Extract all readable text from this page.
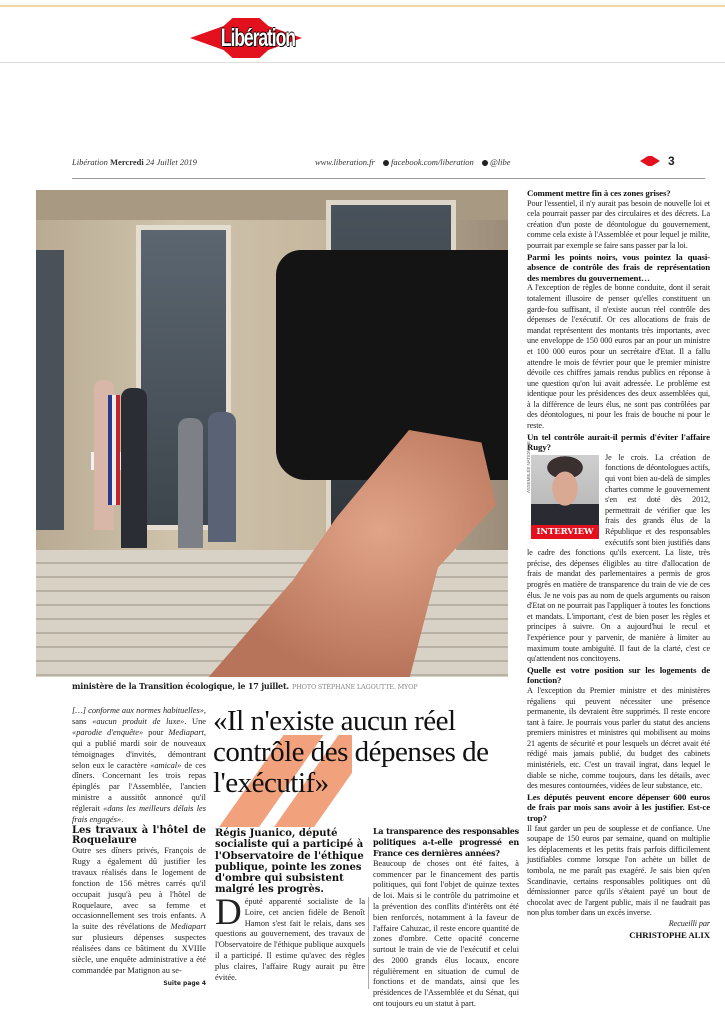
Libération
Libération Mercredi 24 Juillet 2019	www.liberation.fr facebook.com/liberation @libe	3
ministère de la Transition écologique, le 17 juillet. PHOTO STÉPHANE LAGOUTTE. MYOP

Comment mettre fin à ces zones grises?

Pour l'essentiel, il n'y aurait pas besoin de nouvelle loi et cela pourrait passer par des circulaires et des décrets. La création d'un poste de déontologue du gouvernement, comme cela existe à l'Assemblée et pour lequel je milite, pourrait par exemple se faire sans passer par la loi.

Parmi les points noirs, vous pointez la quasi-absence de contrôle des frais de représentation des membres du gouvernement…

A l'exception de règles de bonne conduite, dont il serait totalement illusoire de penser qu'elles constituent un garde-fou suffisant, il n'existe aucun réel contrôle des dépenses de l'exécutif. Or ces allocations de frais de mandat représentent des montants très importants, avec une enveloppe de 150 000 euros par an pour un ministre et 100 000 euros pour un secrétaire d'Etat. Il a fallu attendre le mois de février pour que le premier ministre dévoile ces chiffres jamais rendus publics en réponse à une question qu'on lui avait adressée. Le problème est identique pour les présidences des deux assemblées qui, à la différence de leurs élus, ne sont pas contrôlées par des déontologues, ni pour les frais de bouche ni pour le reste.

Un tel contrôle aurait-il permis d'éviter l'affaire Rugy?

INTERVIEW
ASSEMBLÉE NATIONALE	Je le crois. La création de fonctions de déontologues actifs, qui vont bien au-delà de simples chartes comme le gouvernement s'en est doté dès 2012, permettrait de vérifier que les frais des grands élus de la République et des responsables exécutifs sont bien justifiés dans le cadre des fonctions qu'ils exercent. La liste, très précise, des dépenses éligibles au titre d'allocation de frais de mandat des parlementaires a permis de gros progrès en matière de transparence du train de vie de ces élus. Je ne vois pas au nom de quels arguments ou raison d'Etat on ne pourrait pas l'appliquer à toutes les fonctions et mandats. L'important, c'est de bien poser les règles et principes à suivre. On a aujourd'hui le recul et l'expérience pour y parvenir, de manière à limiter au maximum toute ambiguïté. Il faut de la clarté, c'est ce qu'attendent nos concitoyens.

Quelle est votre position sur les logements de fonction?

A l'exception du Premier ministre et des ministères régaliens qui peuvent nécessiter une présence permanente, ils devraient être supprimés. Il reste encore tant à faire. Je pourrais vous parler du statut des anciens premiers ministres et ministres qui mobilisent au moins 21 agents de sécurité et pour lesquels un décret avait été rédigé mais jamais publié, du budget des cabinets ministériels, etc. C'est un travail ingrat, dans lequel le diable se niche, comme toujours, dans les détails, avec des mesures contournées, vidées de leur substance, etc.

Les députés peuvent encore dépenser 600 euros de frais par mois sans avoir à les justifier. Est-ce trop?

Il faut garder un peu de souplesse et de confiance. Une soupape de 150 euros par semaine, quand on multiplie les déplacements et les petits frais parfois difficilement justifiables comme lorsque l'on achète un billet de tombola, ne me paraît pas exagéré. Je sais bien qu'en Scandinavie, certains responsables politiques ont dû démissionner parce qu'ils s'étaient payé un bout de chocolat avec de l'argent public, mais il ne faudrait pas non plus tomber dans un excès inverse.

Recueilli par

CHRISTOPHE ALIX

[…] conforme aux normes habituelles», sans «aucun produit de luxe». Une «parodie d'enquête» pour Mediapart, qui a publié mardi soir de nouveaux témoignages d'invités, démontrant selon eux le caractère «amical» de ces dîners. Concernant les trois repas épinglés par l'Assemblée, l'ancien ministre a aussitôt annoncé qu'il réglerait «dans les meilleurs délais les frais engagés».

Les travaux à l'hôtel de Roquelaure

Outre ses dîners privés, François de Rugy a également dû justifier les travaux réalisés dans le logement de fonction de 156 mètres carrés qu'il occupait jusqu'à peu à l'hôtel de Roquelaure, avec sa femme et occasionnellement ses trois enfants. A la suite des révélations de Mediapart sur plusieurs dépenses suspectes réalisées dans ce bâtiment du XVIIIe siècle, une enquête administrative a été commandée par Matignon au se-
Suite page 4

«Il n'existe aucun réel contrôle des dépenses de l'exécutif»
Régis Juanico, député socialiste qui a participé à l'Observatoire de l'éthique publique, pointe les zones d'ombre qui subsistent malgré les progrès.
Député apparenté socialiste de la Loire, cet ancien fidèle de Benoît Hamon s'est fait le relais, dans ses questions au gouvernement, des travaux de l'Observatoire de l'éthique publique auxquels il a participé. Il estime qu'avec des règles plus claires, l'affaire Rugy aurait pu être évitée.

La transparence des responsables politiques a-t-elle progressé en France ces dernières années?

Beaucoup de choses ont été faites, à commencer par le financement des partis politiques, qui font l'objet de quinze textes de loi. Mais si le contrôle du patrimoine et la prévention des conflits d'intérêts ont été bien renforcés, notamment à la faveur de l'affaire Cahuzac, il reste encore quantité de zones d'ombre. Cette opacité concerne surtout le train de vie de l'exécutif et celui des 2000 grands élus locaux, encore régulièrement en situation de cumul de fonctions et de mandats, ainsi que les présidences de l'Assemblée et du Sénat, qui ont toujours eu un statut à part.
